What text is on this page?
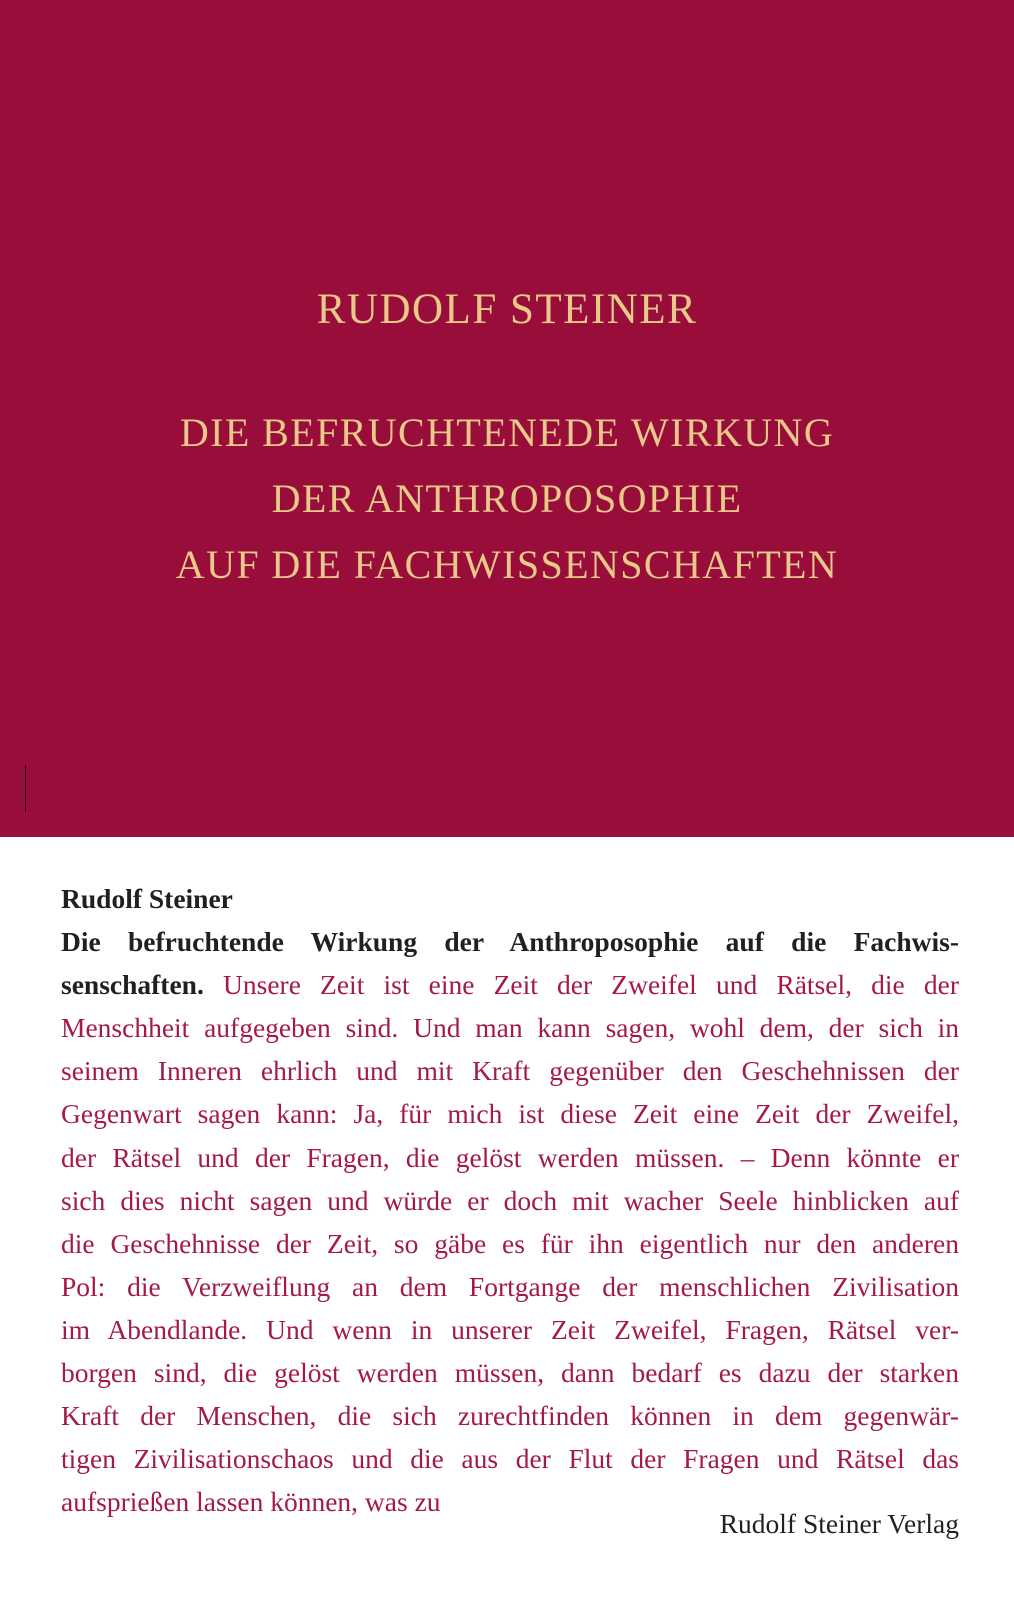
RUDOLF STEINER
DIE BEFRUCHTENEDE WIRKUNG
DER ANTHROPOSOPHIE
AUF DIE FACHWISSENSCHAFTEN
Rudolf Steiner
Die befruchtende Wirkung der Anthroposophie auf die Fachwis-
senschaften. Unsere Zeit ist eine Zeit der Zweifel und Rätsel, die der
Menschheit aufgegeben sind. Und man kann sagen, wohl dem, der sich in
seinem Inneren ehrlich und mit Kraft gegenüber den Geschehnissen der
Gegenwart sagen kann: Ja, für mich ist diese Zeit eine Zeit der Zweifel,
der Rätsel und der Fragen, die gelöst werden müssen. – Denn könnte er
sich dies nicht sagen und würde er doch mit wacher Seele hinblicken auf
die Geschehnisse der Zeit, so gäbe es für ihn eigentlich nur den anderen
Pol: die Verzweiflung an dem Fortgange der menschlichen Zivilisation
im Abendlande. Und wenn in unserer Zeit Zweifel, Fragen, Rätsel ver-
borgen sind, die gelöst werden müssen, dann bedarf es dazu der starken
Kraft der Menschen, die sich zurechtfinden können in dem gegenwär-
tigen Zivilisationschaos und die aus der Flut der Fragen und Rätsel das
aufsprießen lassen können, was zu
Rudolf Steiner Verlag
